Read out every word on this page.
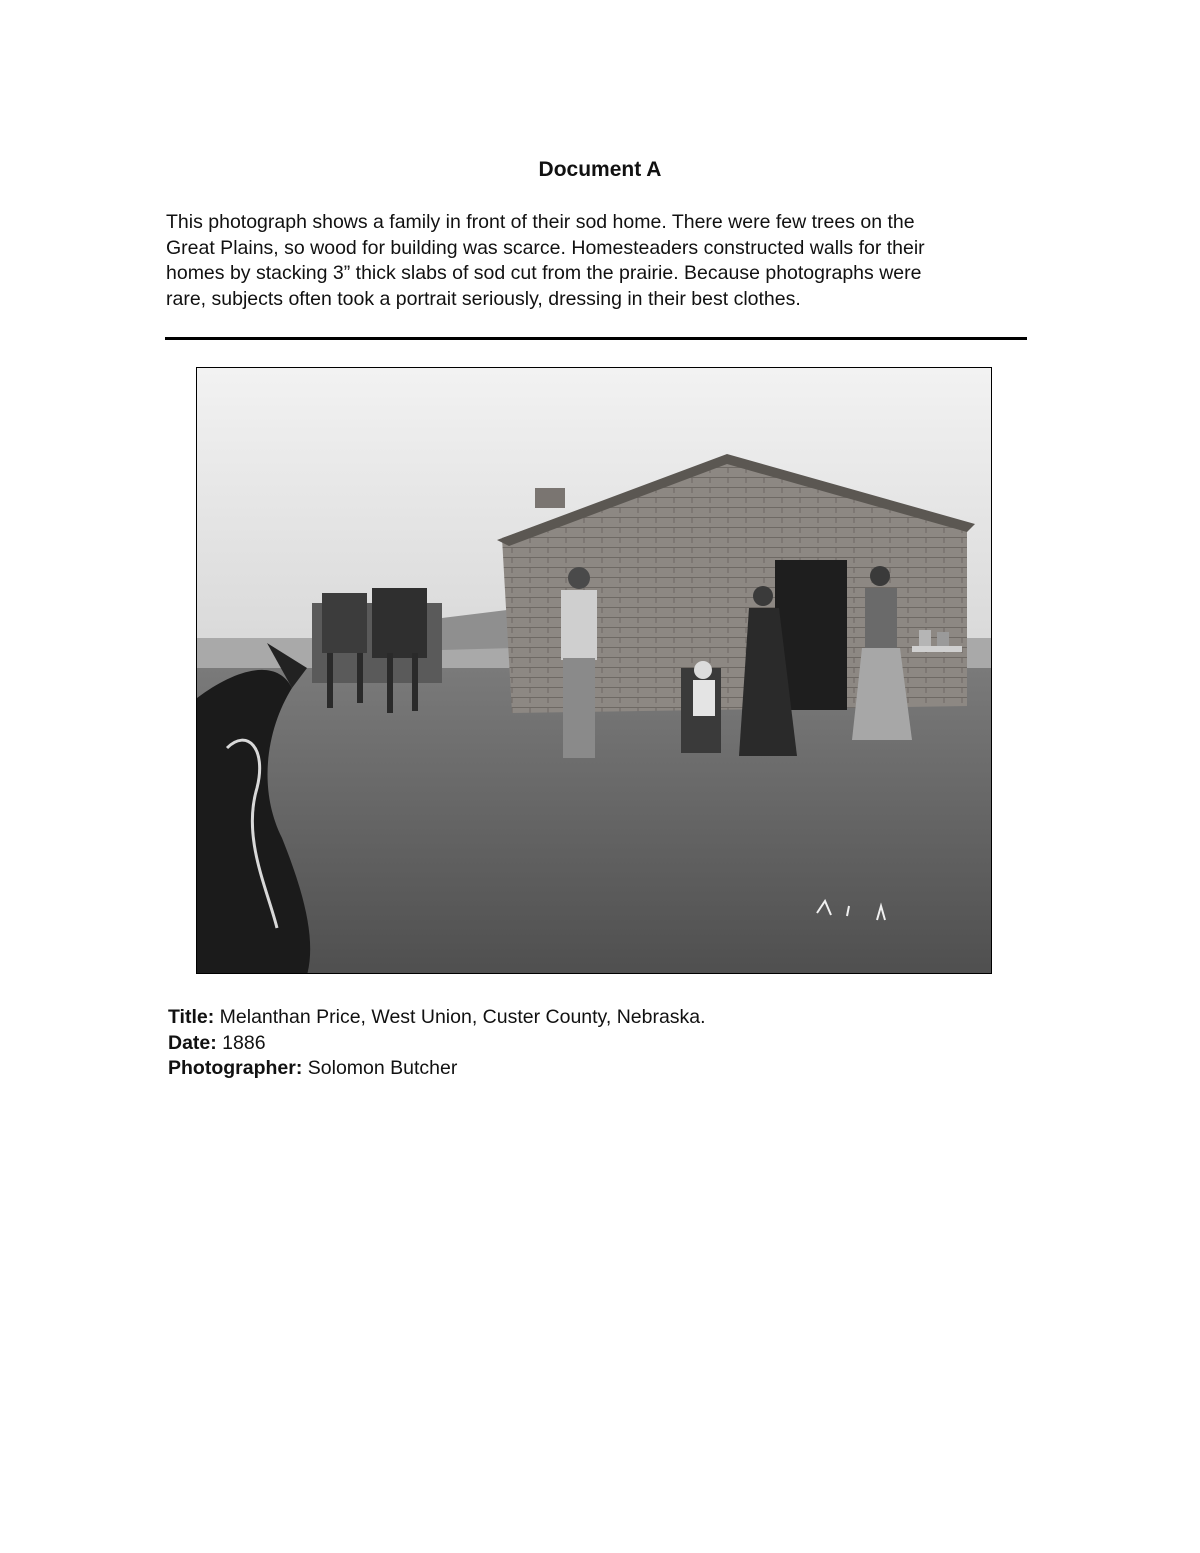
Document A

This photograph shows a family in front of their sod home. There were few trees on the
Great Plains, so wood for building was scarce. Homesteaders constructed walls for their
homes by stacking 3” thick slabs of sod cut from the prairie. Because photographs were
rare, subjects often took a portrait seriously, dressing in their best clothes.

Title: Melanthan Price, West Union, Custer County, Nebraska.
Date: 1886
Photographer: Solomon Butcher
